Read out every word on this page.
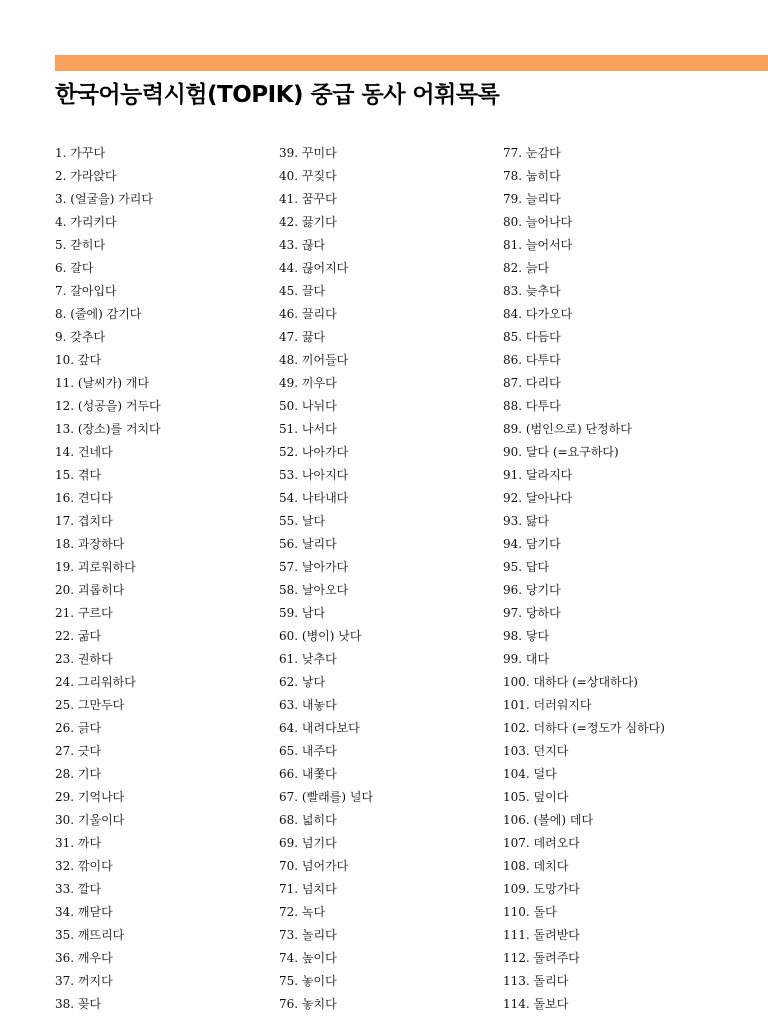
한국어능력시험(TOPIK) 중급 동사 어휘목록
1. 가꾸다
2. 가라앉다
3. (얼굴을) 가리다
4. 가리키다
5. 갇히다
6. 갈다
7. 갈아입다
8. (줄에) 감기다
9. 갖추다
10. 갚다
11. (날씨가) 개다
12. (성공을) 거두다
13. (장소)를 거치다
14. 건네다
15. 겪다
16. 견디다
17. 겹치다
18. 과장하다
19. 괴로워하다
20. 괴롭히다
21. 구르다
22. 굶다
23. 권하다
24. 그리워하다
25. 그만두다
26. 긁다
27. 긋다
28. 기다
29. 기억나다
30. 기울이다
31. 까다
32. 깎이다
33. 깔다
34. 깨닫다
35. 깨뜨리다
36. 깨우다
37. 꺼지다
38. 꽂다
39. 꾸미다
40. 꾸짖다
41. 꿈꾸다
42. 끓기다
43. 끊다
44. 끊어지다
45. 끌다
46. 끌리다
47. 끓다
48. 끼어들다
49. 끼우다
50. 나뉘다
51. 나서다
52. 나아가다
53. 나아지다
54. 나타내다
55. 날다
56. 날리다
57. 날아가다
58. 날아오다
59. 남다
60. (병이) 낫다
61. 낮추다
62. 낳다
63. 내놓다
64. 내려다보다
65. 내주다
66. 내쫓다
67. (빨래를) 널다
68. 넓히다
69. 넘기다
70. 넘어가다
71. 넘치다
72. 녹다
73. 놀리다
74. 높이다
75. 놓이다
76. 놓치다
77. 눈감다
78. 눕히다
79. 늘리다
80. 늘어나다
81. 늘어서다
82. 늙다
83. 늦추다
84. 다가오다
85. 다듬다
86. 다투다
87. 다리다
88. 다투다
89. (범인으로) 단정하다
90. 달다 (=요구하다)
91. 달라지다
92. 달아나다
93. 닳다
94. 담기다
95. 답다
96. 당기다
97. 당하다
98. 닿다
99. 대다
100. 대하다 (=상대하다)
101. 더러워지다
102. 더하다 (=정도가 심하다)
103. 던지다
104. 덜다
105. 덮이다
106. (볼에) 데다
107. 데려오다
108. 데치다
109. 도망가다
110. 돌다
111. 돌려받다
112. 돌려주다
113. 돌리다
114. 돌보다
